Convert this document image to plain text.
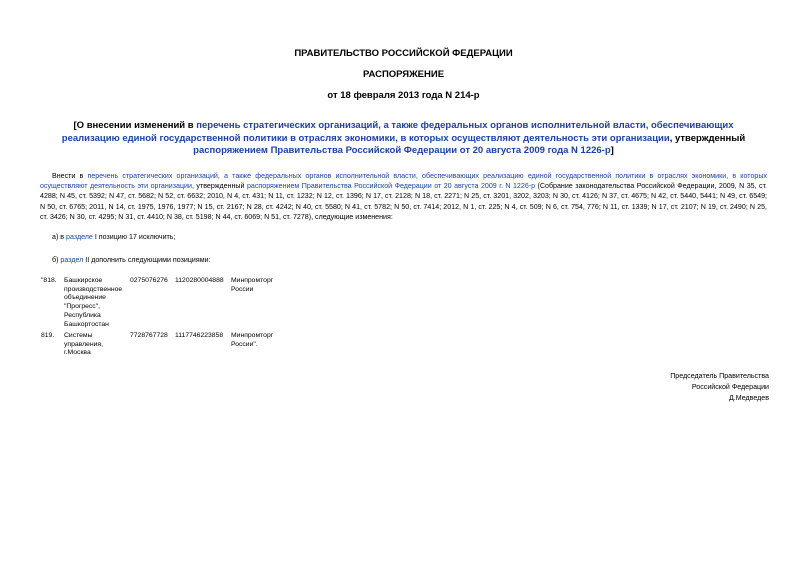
ПРАВИТЕЛЬСТВО РОССИЙСКОЙ ФЕДЕРАЦИИ
РАСПОРЯЖЕНИЕ
от 18 февраля 2013 года N 214-р
[О внесении изменений в перечень стратегических организаций, а также федеральных органов исполнительной власти, обеспечивающих реализацию единой государственной политики в отраслях экономики, в которых осуществляют деятельность эти организации, утвержденный распоряжением Правительства Российской Федерации от 20 августа 2009 года N 1226-р]
Внести в перечень стратегических организаций, а также федеральных органов исполнительной власти, обеспечивающих реализацию единой государственной политики в отраслях экономики, в которых осуществляют деятельность эти организации, утвержденный распоряжением Правительства Российской Федерации от 20 августа 2009 г. N 1226-р (Собрание законодательства Российской Федерации, 2009, N 35, ст. 4288; N 45, ст. 5392; N 47, ст. 5682; N 52, ст. 6632; 2010, N 4, ст. 431; N 11, ст. 1232; N 12, ст. 1396; N 17, ст. 2128; N 18, ст. 2271; N 25, ст. 3201, 3202, 3203; N 30, ст. 4126; N 37, ст. 4675; N 42, ст. 5440, 5441; N 49, ст. 6549; N 50, ст. 6765; 2011, N 14, ст. 1975, 1976, 1977; N 15, ст. 2167; N 28, ст. 4242; N 40, ст. 5580; N 41, ст. 5782; N 50, ст. 7414; 2012, N 1, ст. 225; N 4, ст. 509; N 6, ст. 754, 776; N 11, ст. 1339; N 17, ст. 2107; N 19, ст. 2490; N 25, ст. 3426; N 30, ст. 4295; N 31, ст. 4410; N 38, ст. 5198; N 44, ст. 6069; N 51, ст. 7278), следующие изменения:
а) в разделе I позицию 17 исключить;
б) раздел II дополнить следующими позициями:
"818.	Башкирское производственное объединение "Прогресс", Республика Башкортостан	0275076276	1120280004888	Минпромторг России
819.	Системы управления, г.Москва	7728767728	1117746223858	Минпромторг России".
Председатель Правительства
Российской Федерации
Д.Медведев
